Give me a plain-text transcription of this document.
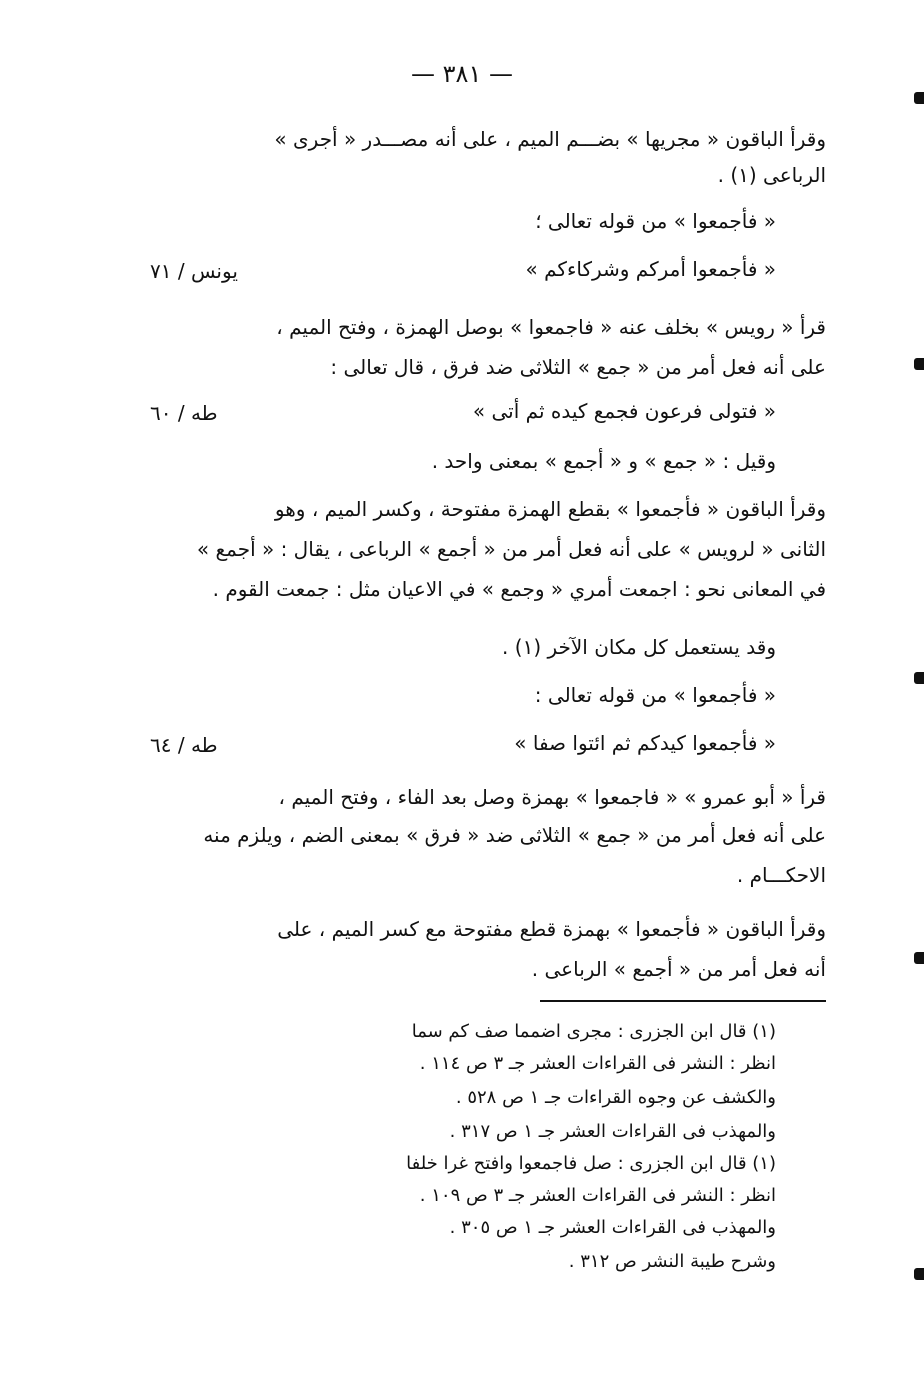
— ٣٨١ —
وقرأ الباقون « مجريها » بضـــم الميم ، على أنه مصـــدر « أجرى »
الرباعى (١) .
« فأجمعوا » من قوله تعالى ؛
« فأجمعوا أمركم وشركاءكم »
يونس / ٧١
قرأ « رويس » بخلف عنه « فاجمعوا » بوصل الهمزة ، وفتح الميم ،
على أنه فعل أمر من « جمع » الثلاثى ضد فرق ، قال تعالى :
« فتولى فرعون فجمع كيده ثم أتى »
طه / ٦٠
وقيل : « جمع » و « أجمع » بمعنى واحد .
وقرأ الباقون « فأجمعوا » بقطع الهمزة مفتوحة ، وكسر الميم ، وهو
الثانى « لرويس » على أنه فعل أمر من « أجمع » الرباعى ، يقال : « أجمع »
في المعانى نحو : اجمعت أمري « وجمع » في الاعيان مثل : جمعت القوم .
وقد يستعمل كل مكان الآخر (١) .
« فأجمعوا » من قوله تعالى :
« فأجمعوا كيدكم ثم ائتوا صفا »
طه / ٦٤
قرأ « أبو عمرو » « فاجمعوا » بهمزة وصل بعد الفاء ، وفتح الميم ،
على أنه فعل أمر من « جمع » الثلاثى ضد « فرق » بمعنى الضم ، ويلزم منه
الاحكـــام .
وقرأ الباقون « فأجمعوا » بهمزة قطع مفتوحة مع كسر الميم ، على
أنه فعل أمر من « أجمع » الرباعى .
(١) قال ابن الجزرى : مجرى اضمما صف كم سما
انظر : النشر فى القراءات العشر جـ ٣ ص ١١٤ .
والكشف عن وجوه القراءات جـ ١ ص ٥٢٨ .
والمهذب فى القراءات العشر جـ ١ ص ٣١٧ .
(١) قال ابن الجزرى : صل فاجمعوا وافتح غرا خلفا
انظر : النشر فى القراءات العشر جـ ٣ ص ١٠٩ .
والمهذب فى القراءات العشر جـ ١ ص ٣٠٥ .
وشرح طيبة النشر ص ٣١٢ .
